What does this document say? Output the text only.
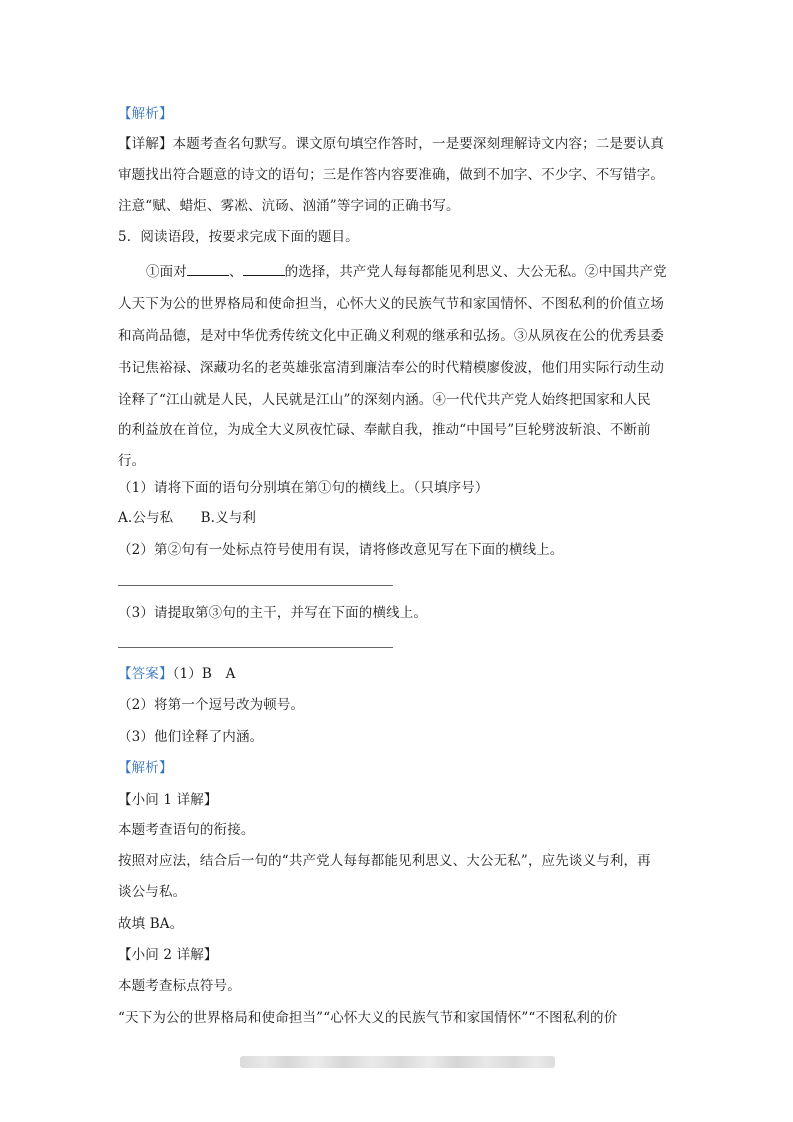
【解析】
【详解】本题考查名句默写。课文原句填空作答时，一是要深刻理解诗文内容；二是要认真
审题找出符合题意的诗文的语句；三是作答内容要准确，做到不加字、不少字、不写错字。
注意“赋、蜡炬、雾凇、沆砀、汹涌”等字词的正确书写。
5．阅读语段，按要求完成下面的题目。
①面对	、	的选择，共产党人每每都能见利思义、大公无私。②中国共产党
人天下为公的世界格局和使命担当，心怀大义的民族气节和家国情怀、不图私利的价值立场
和高尚品德，是对中华优秀传统文化中正确义利观的继承和弘扬。③从夙夜在公的优秀县委
书记焦裕禄、深藏功名的老英雄张富清到廉洁奉公的时代精模廖俊波，他们用实际行动生动
诠释了“江山就是人民，人民就是江山”的深刻内涵。④一代代共产党人始终把国家和人民
的利益放在首位，为成全大义夙夜忙碌、奉献自我，推动“中国号”巨轮劈波斩浪、不断前
行。
（1）请将下面的语句分别填在第①句的横线上。（只填序号）
A.公与私　　B.义与利
（2）第②句有一处标点符号使用有误，请将修改意见写在下面的横线上。
（3）请提取第③句的主干，并写在下面的横线上。
【答案】（1）B　A
（2）将第一个逗号改为顿号。
（3）他们诠释了内涵。
【解析】
【小问 1 详解】
本题考查语句的衔接。
按照对应法，结合后一句的“共产党人每每都能见利思义、大公无私”，应先谈义与利，再
谈公与私。
故填 BA。
【小问 2 详解】
本题考查标点符号。
“天下为公的世界格局和使命担当”“心怀大义的民族气节和家国情怀”“不图私利的价
